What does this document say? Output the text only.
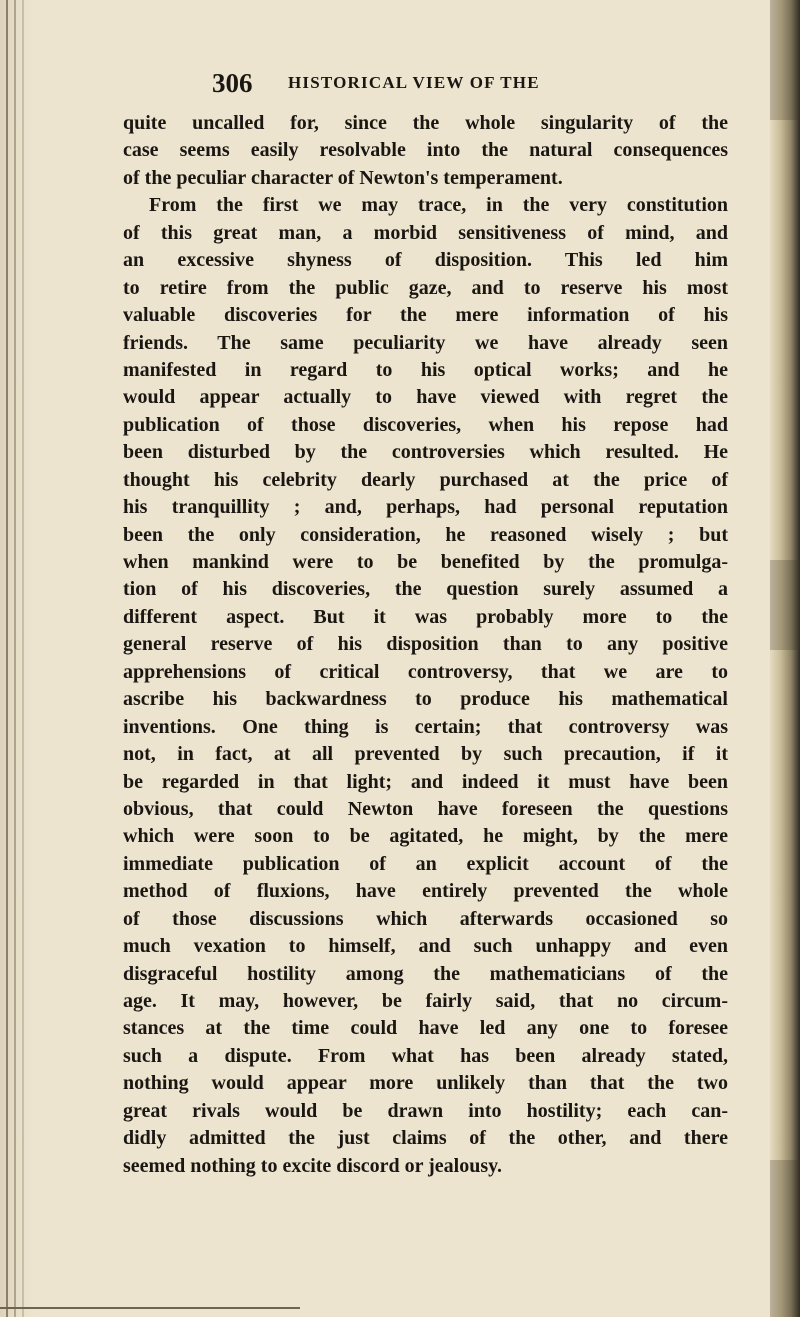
306 HISTORICAL VIEW OF THE
quite uncalled for, since the whole singularity of the
case seems easily resolvable into the natural consequences
of the peculiar character of Newton's temperament.
From the first we may trace, in the very constitution
of this great man, a morbid sensitiveness of mind, and
an excessive shyness of disposition. This led him
to retire from the public gaze, and to reserve his most
valuable discoveries for the mere information of his
friends. The same peculiarity we have already seen
manifested in regard to his optical works; and he
would appear actually to have viewed with regret the
publication of those discoveries, when his repose had
been disturbed by the controversies which resulted. He
thought his celebrity dearly purchased at the price of
his tranquillity ; and, perhaps, had personal reputation
been the only consideration, he reasoned wisely ; but
when mankind were to be benefited by the promulga-
tion of his discoveries, the question surely assumed a
different aspect. But it was probably more to the
general reserve of his disposition than to any positive
apprehensions of critical controversy, that we are to
ascribe his backwardness to produce his mathematical
inventions. One thing is certain; that controversy was
not, in fact, at all prevented by such precaution, if it
be regarded in that light; and indeed it must have been
obvious, that could Newton have foreseen the questions
which were soon to be agitated, he might, by the mere
immediate publication of an explicit account of the
method of fluxions, have entirely prevented the whole
of those discussions which afterwards occasioned so
much vexation to himself, and such unhappy and even
disgraceful hostility among the mathematicians of the
age. It may, however, be fairly said, that no circum-
stances at the time could have led any one to foresee
such a dispute. From what has been already stated,
nothing would appear more unlikely than that the two
great rivals would be drawn into hostility; each can-
didly admitted the just claims of the other, and there
seemed nothing to excite discord or jealousy.
